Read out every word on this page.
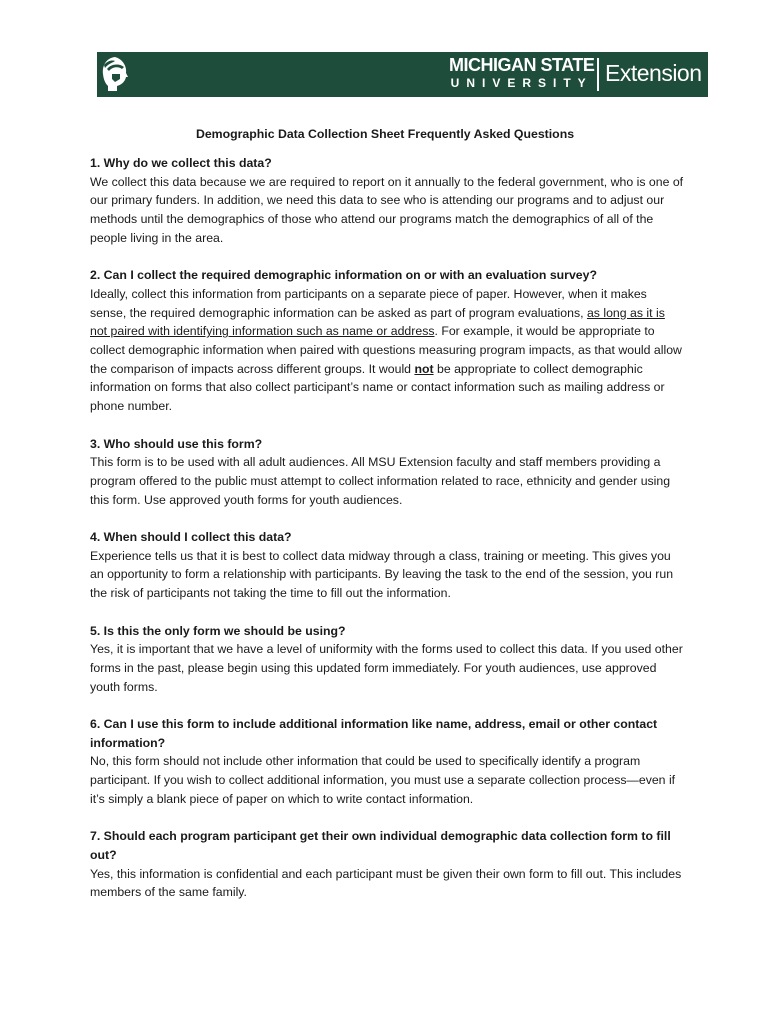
MICHIGAN STATE
UNIVERSITY Extension
Demographic Data Collection Sheet Frequently Asked Questions

1. Why do we collect this data?

We collect this data because we are required to report on it annually to the federal government, who is one of our primary funders. In addition, we need this data to see who is attending our programs and to adjust our methods until the demographics of those who attend our programs match the demographics of all of the people living in the area.

2. Can I collect the required demographic information on or with an evaluation survey?

Ideally, collect this information from participants on a separate piece of paper. However, when it makes sense, the required demographic information can be asked as part of program evaluations, as long as it is not paired with identifying information such as name or address. For example, it would be appropriate to collect demographic information when paired with questions measuring program impacts, as that would allow the comparison of impacts across different groups. It would not be appropriate to collect demographic information on forms that also collect participant’s name or contact information such as mailing address or phone number.

3. Who should use this form?

This form is to be used with all adult audiences. All MSU Extension faculty and staff members providing a program offered to the public must attempt to collect information related to race, ethnicity and gender using this form. Use approved youth forms for youth audiences.

4. When should I collect this data?

Experience tells us that it is best to collect data midway through a class, training or meeting. This gives you an opportunity to form a relationship with participants. By leaving the task to the end of the session, you run the risk of participants not taking the time to fill out the information.

5. Is this the only form we should be using?

Yes, it is important that we have a level of uniformity with the forms used to collect this data. If you used other forms in the past, please begin using this updated form immediately. For youth audiences, use approved youth forms.

6. Can I use this form to include additional information like name, address, email or other contact information?

No, this form should not include other information that could be used to specifically identify a program participant. If you wish to collect additional information, you must use a separate collection process—even if it’s simply a blank piece of paper on which to write contact information.

7. Should each program participant get their own individual demographic data collection form to fill out?

Yes, this information is confidential and each participant must be given their own form to fill out. This includes members of the same family.
